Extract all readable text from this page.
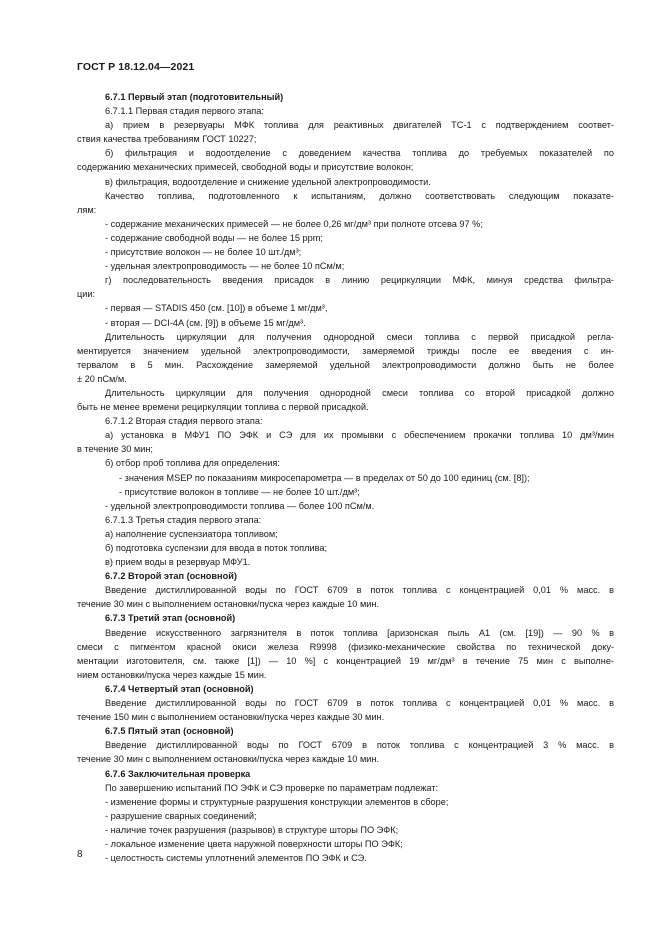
ГОСТ Р 18.12.04—2021
6.7.1 Первый этап (подготовительный)
6.7.1.1 Первая стадия первого этапа:
а) прием в резервуары МФК топлива для реактивных двигателей ТС-1 с подтверждением соответ-
ствия качества требованиям ГОСТ 10227;
б) фильтрация и водоотделение с доведением качества топлива до требуемых показателей по
содержанию механических примесей, свободной воды и присутствие волокон;
в) фильтрация, водоотделение и снижение удельной электропроводимости.
Качество топлива, подготовленного к испытаниям, должно соответствовать следующим показате-
лям:
- содержание механических примесей — не более 0,26 мг/дм³ при полноте отсева 97 %;
- содержание свободной воды — не более 15 ppm;
- присутствие волокон — не более 10 шт./дм³;
- удельная электропроводимость — не более 10 пСм/м;
г) последовательность введения присадок в линию рециркуляции МФК, минуя средства фильтра-
ции:
- первая — STADIS 450 (см. [10]) в объеме 1 мг/дм³,
- вторая — DCI-4A (см. [9]) в объеме 15 мг/дм³.
Длительность циркуляции для получения однородной смеси топлива с первой присадкой регла-
ментируется значением удельной электропроводимости, замеряемой трижды после ее введения с ин-
тервалом в 5 мин. Расхождение замеряемой удельной электропроводимости должно быть не более
± 20 пСм/м.
Длительность циркуляции для получения однородной смеси топлива со второй присадкой должно
быть не менее времени рециркуляции топлива с первой присадкой.
6.7.1.2 Вторая стадия первого этапа:
а) установка в МФУ1 ПО ЭФК и СЭ для их промывки с обеспечением прокачки топлива 10 дм³/мин
в течение 30 мин;
б) отбор проб топлива для определения:
- значения MSEP по показаниям микросепарометра — в пределах от 50 до 100 единиц (см. [8]);
- присутствие волокон в топливе — не более 10 шт./дм³;
- удельной электропроводимости топлива — более 100 пСм/м.
6.7.1.3 Третья стадия первого этапа:
а) наполнение суспензиатора топливом;
б) подготовка суспензии для ввода в поток топлива;
в) прием воды в резервуар МФУ1.
6.7.2 Второй этап (основной)
Введение дистиллированной воды по ГОСТ 6709 в поток топлива с концентрацией 0,01 % масс. в
течение 30 мин с выполнением остановки/пуска через каждые 10 мин.
6.7.3 Третий этап (основной)
Введение искусственного загрязнителя в поток топлива [аризонская пыль A1 (см. [19]) — 90 % в
смеси с пигментом красной окиси железа R9998 (физико-механические свойства по технической доку-
ментации изготовителя, см. также [1]) — 10 %] с концентрацией 19 мг/дм³ в течение 75 мин с выполне-
нием остановки/пуска через каждые 15 мин.
6.7.4 Четвертый этап (основной)
Введение дистиллированной воды по ГОСТ 6709 в поток топлива с концентрацией 0,01 % масс. в
течение 150 мин с выполнением остановки/пуска через каждые 30 мин.
6.7.5 Пятый этап (основной)
Введение дистиллированной воды по ГОСТ 6709 в поток топлива с концентрацией 3 % масс. в
течение 30 мин с выполнением остановки/пуска через каждые 10 мин.
6.7.6 Заключительная проверка
По завершению испытаний ПО ЭФК и СЭ проверке по параметрам подлежат:
- изменение формы и структурные разрушения конструкции элементов в сборе;
- разрушение сварных соединений;
- наличие точек разрушения (разрывов) в структуре шторы ПО ЭФК;
- локальное изменение цвета наружной поверхности шторы ПО ЭФК;
- целостность системы уплотнений элементов ПО ЭФК и СЭ.
8
